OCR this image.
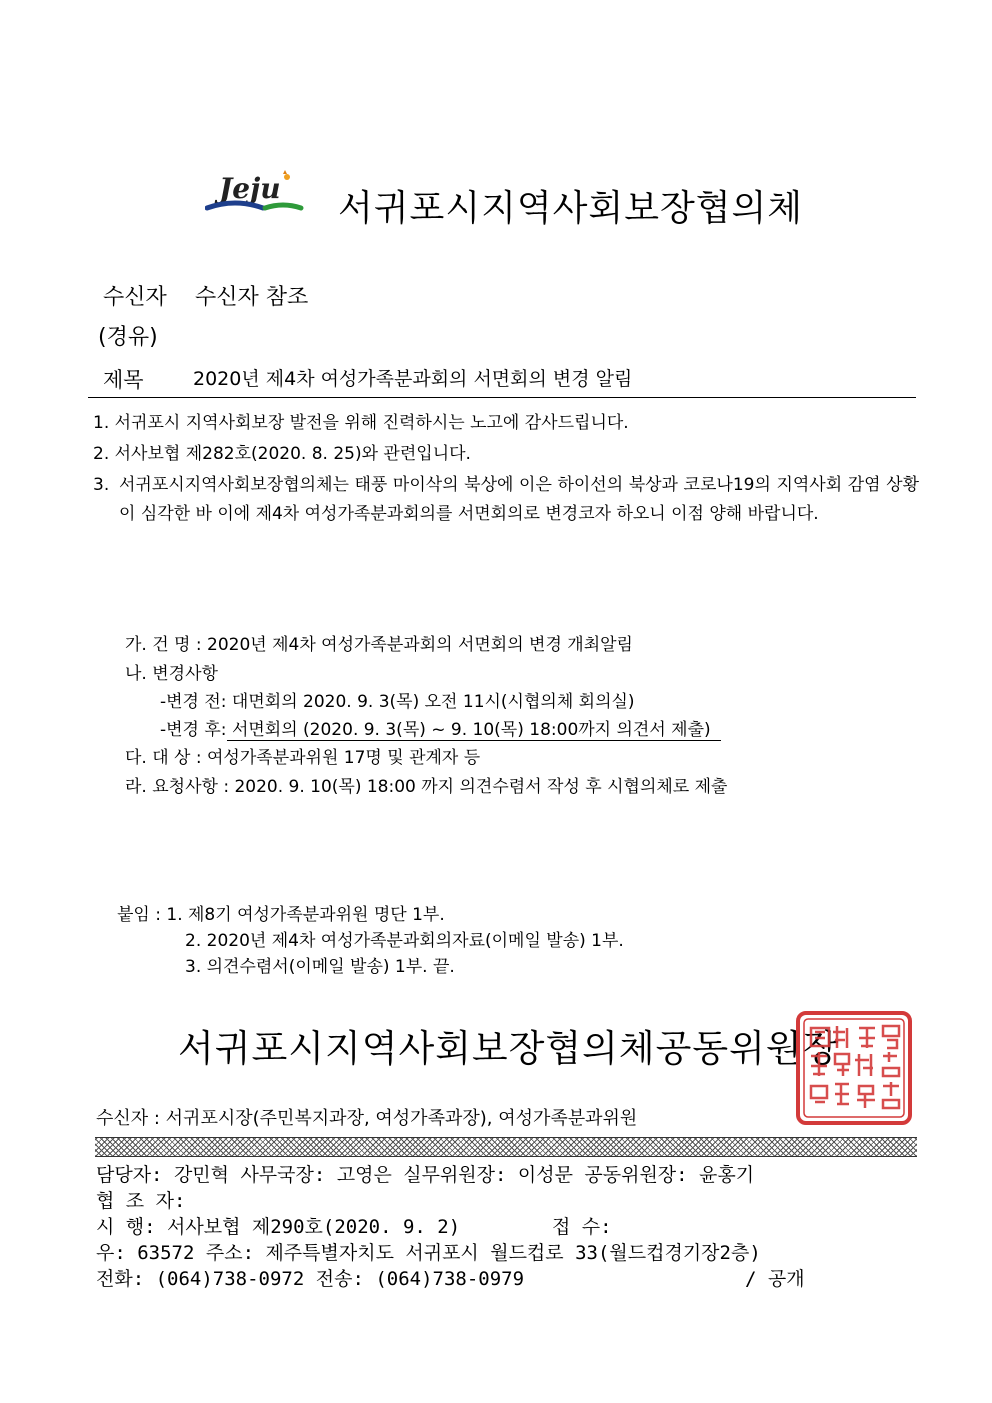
Jeju 서귀포시지역사회보장협의체
수신자 수신자 참조
(경유)
제목	2020년 제4차 여성가족분과회의 서면회의 변경 알림
1. 서귀포시 지역사회보장 발전을 위해 진력하시는 노고에 감사드립니다.
2. 서사보협 제282호(2020. 8. 25)와 관련입니다.
3. 서귀포시지역사회보장협의체는 태풍 마이삭의 북상에 이은 하이선의 북상과 코로나19의 지역사회 감염 상황이 심각한 바 이에 제4차 여성가족분과회의를 서면회의로 변경코자 하오니 이점 양해 바랍니다.
가. 건 명 : 2020년 제4차 여성가족분과회의 서면회의 변경 개최알림
나. 변경사항
-변경 전: 대면회의 2020. 9. 3(목) 오전 11시(시협의체 회의실)
-변경 후: 서면회의 (2020. 9. 3(목) ~ 9. 10(목) 18:00까지 의견서 제출)
다. 대 상 : 여성가족분과위원 17명 및 관계자 등
라. 요청사항 : 2020. 9. 10(목) 18:00 까지 의견수렴서 작성 후 시협의체로 제출
붙임 : 1. 제8기 여성가족분과위원 명단 1부.
2. 2020년 제4차 여성가족분과회의자료(이메일 발송) 1부.
3. 의견수렴서(이메일 발송) 1부. 끝.
서귀포시지역사회보장협의체공동위원장
수신자 : 서귀포시장(주민복지과장, 여성가족과장), 여성가족분과위원
담당자: 강민혁 사무국장: 고영은 실무위원장: 이성문 공동위원장: 윤홍기
협 조 자:
시 행: 서사보협 제290호(2020. 9. 2)	접 수:
우: 63572 주소: 제주특별자치도 서귀포시 월드컵로 33(월드컵경기장2층)
전화: (064)738-0972 전송: (064)738-0979	/ 공개
